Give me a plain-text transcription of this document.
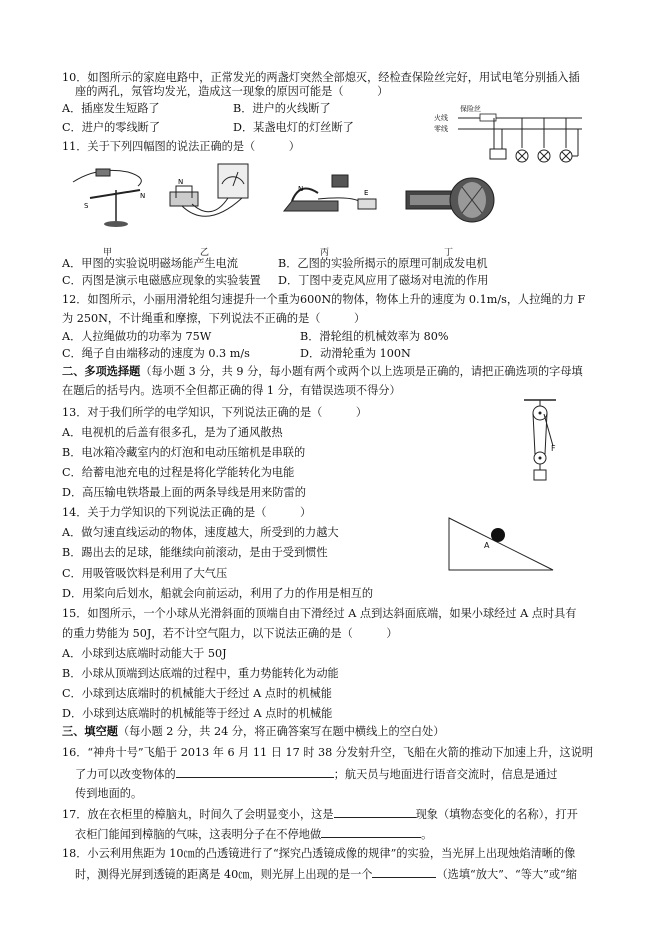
10．如图所示的家庭电路中，正常发光的两盏灯突然全部熄灭，经检查保险丝完好，用试电笔分别插入插
座的两孔，氖管均发光，造成这一现象的原因可能是（　　　）
A．插座发生短路了	B．进户的火线断了
C．进户的零线断了	D．某盏电灯的灯丝断了
保险丝
火线
零线
11．关于下列四幅图的说法正确的是（　　　）
S
N
N
N	E
甲	乙	丙	丁
A．甲图的实验说明磁场能产生电流	B．乙图的实验所揭示的原理可制成发电机
C．丙图是演示电磁感应现象的实验装置 D．丁图中麦克风应用了磁场对电流的作用
12．如图所示，小丽用滑轮组匀速提升一个重为600N的物体，物体上升的速度为 0.1m/s，人拉绳的力 F
为 250N，不计绳重和摩擦，下列说法不正确的是（　　　）
A．人拉绳做功的功率为 75W	B．滑轮组的机械效率为 80%
C．绳子自由端移动的速度为 0.3 m/s	D．动滑轮重为 100N
二、多项选择题（每小题 3 分，共 9 分，每小题有两个或两个以上选项是正确的，请把正确选项的字母填
在题后的括号内。选项不全但都正确的得 1 分，有错误选项不得分）
F
13．对于我们所学的电学知识，下列说法正确的是（　　　）
A．电视机的后盖有很多孔，是为了通风散热
B．电冰箱冷藏室内的灯泡和电动压缩机是串联的
C．给蓄电池充电的过程是将化学能转化为电能
D．高压输电铁塔最上面的两条导线是用来防雷的
14．关于力学知识的下列说法正确的是（　　　）
A．做匀速直线运动的物体，速度越大，所受到的力越大
B．踢出去的足球，能继续向前滚动，是由于受到惯性
C．用吸管吸饮料是利用了大气压
D．用桨向后划水，船就会向前运动，利用了力的作用是相互的
A
15．如图所示，一个小球从光滑斜面的顶端自由下滑经过 A 点到达斜面底端，如果小球经过 A 点时具有
的重力势能为 50J，若不计空气阻力，以下说法正确的是（　　　）
A．小球到达底端时动能大于 50J
B．小球从顶端到达底端的过程中，重力势能转化为动能
C．小球到达底端时的机械能大于经过 A 点时的机械能
D．小球到达底端时的机械能等于经过 A 点时的机械能
三、填空题（每小题 2 分，共 24 分，将正确答案写在题中横线上的空白处）
16．“神舟十号”飞船于 2013 年 6 月 11 日 17 时 38 分发射升空，飞船在火箭的推动下加速上升，这说明
了力可以改变物体的	；航天员与地面进行语音交流时，信息是通过
传到地面的。
17．放在衣柜里的樟脑丸，时间久了会明显变小，这是	现象（填物态变化的名称），打开
衣柜门能闻到樟脑的气味，这表明分子在不停地做	。
18．小云利用焦距为 10㎝的凸透镜进行了“探究凸透镜成像的规律”的实验，当光屏上出现烛焰清晰的像
时，测得光屏到透镜的距离是 40㎝，则光屏上出现的是一个	（选填“放大”、“等大”或“缩
